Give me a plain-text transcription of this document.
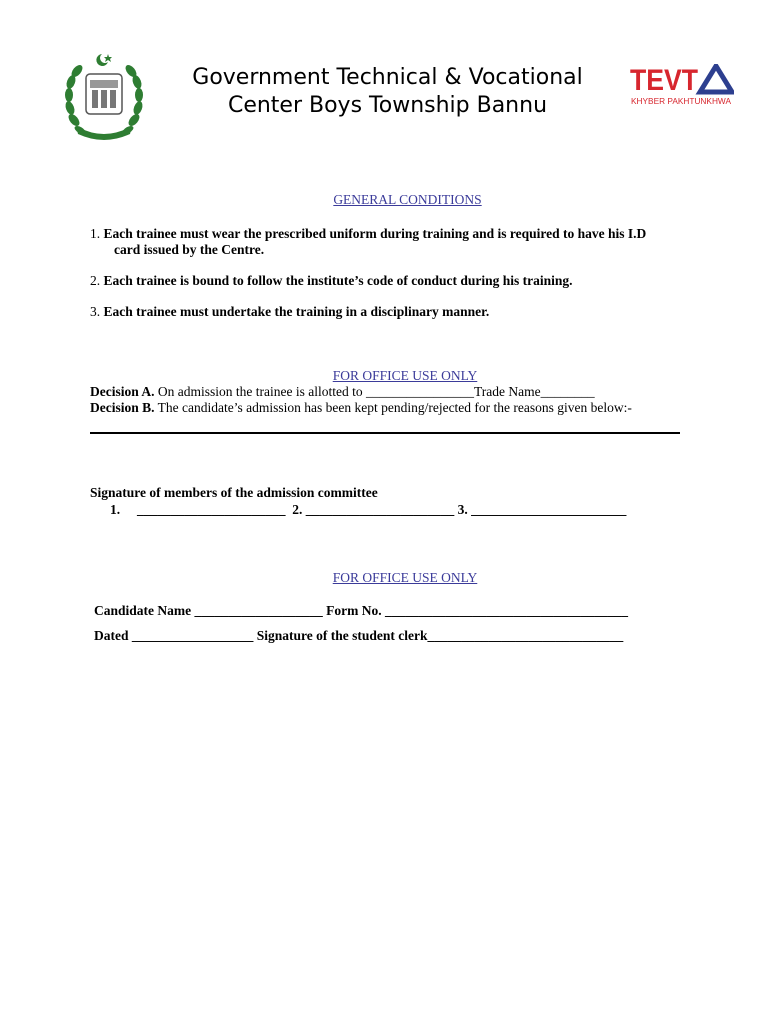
Government Technical & Vocational
Center Boys Township Bannu
TEVT
KHYBER PAKHTUNKHWA
GENERAL CONDITIONS
1. Each trainee must wear the prescribed uniform during training and is required to have his I.D
card issued by the Centre.
2. Each trainee is bound to follow the institute’s code of conduct during his training.
3. Each trainee must undertake the training in a disciplinary manner.
FOR OFFICE USE ONLY
Decision A. On admission the trainee is allotted to ________________Trade Name________
Decision B. The candidate’s admission has been kept pending/rejected for the reasons given below:-
Signature of members of the admission committee
1.     ______________________  2. ______________________ 3. _______________________
FOR OFFICE USE ONLY
Candidate Name ___________________ Form No. ____________________________________
Dated __________________ Signature of the student clerk_____________________________
